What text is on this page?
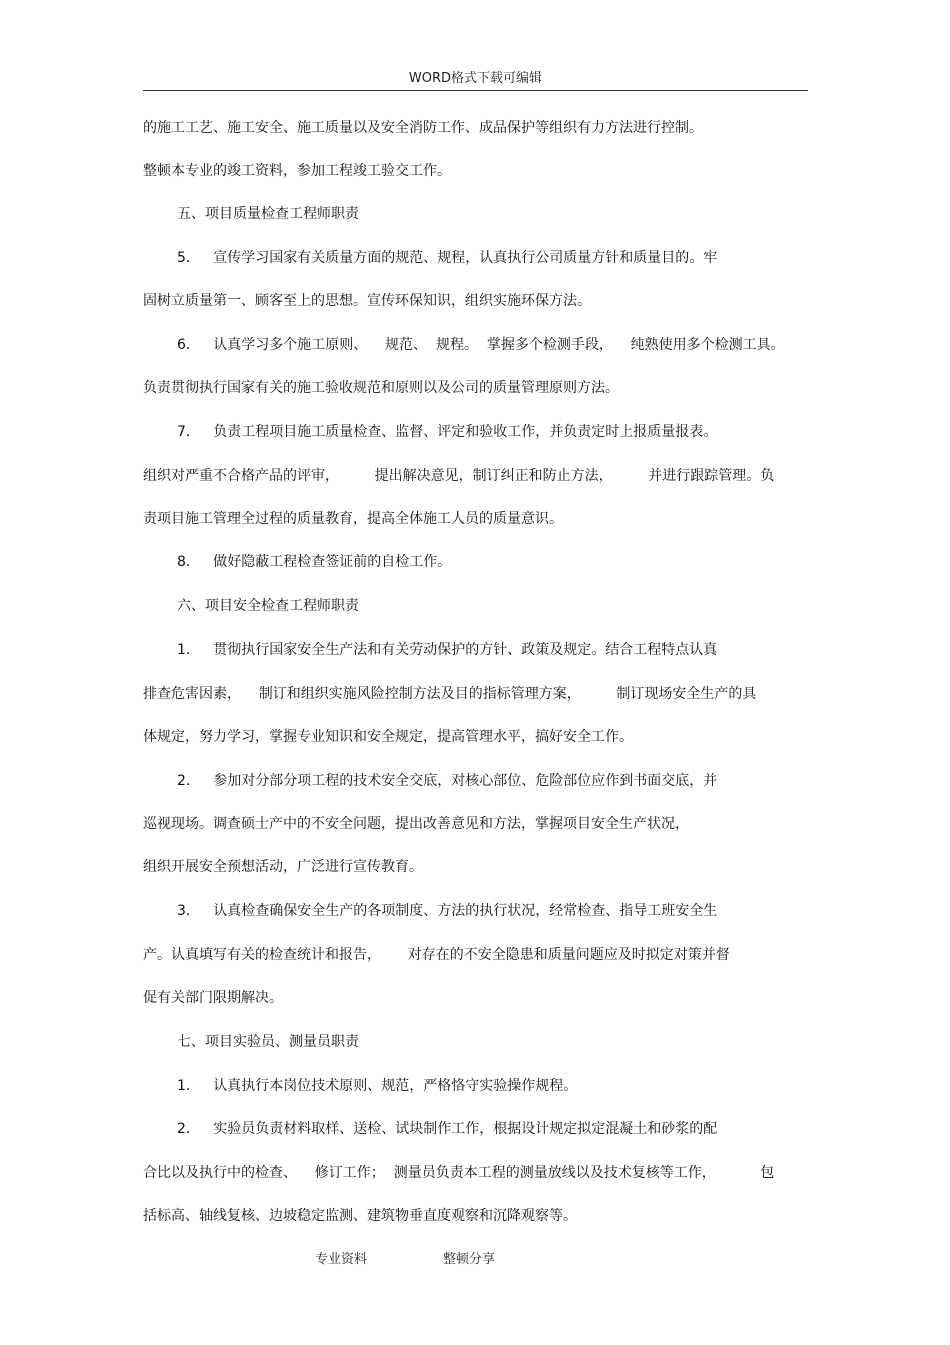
WORD格式下载可编辑
的施工工艺、施工安全、施工质量以及安全消防工作、成品保护等组织有力方法进行控制。
整顿本专业的竣工资料，参加工程竣工验交工作。
五、项目质量检查工程师职责
5．   宣传学习国家有关质量方面的规范、规程，认真执行公司质量方针和质量目的。牢
固树立质量第一、顾客至上的思想。宣传环保知识，组织实施环保方法。
6．   认真学习多个施工原则、    规范、  规程。  掌握多个检测手段，    纯熟使用多个检测工具。
负责贯彻执行国家有关的施工验收规范和原则以及公司的质量管理原则方法。
7．   负责工程项目施工质量检查、监督、评定和验收工作，并负责定时上报质量报表。
组织对严重不合格产品的评审，        提出解决意见，制订纠正和防止方法，        并进行跟踪管理。负
责项目施工管理全过程的质量教育，提高全体施工人员的质量意识。
8．   做好隐蔽工程检查签证前的自检工作。
六、项目安全检查工程师职责
1．   贯彻执行国家安全生产法和有关劳动保护的方针、政策及规定。结合工程特点认真
排查危害因素，    制订和组织实施风险控制方法及目的指标管理方案，        制订现场安全生产的具
体规定，努力学习，掌握专业知识和安全规定，提高管理水平，搞好安全工作。
2．   参加对分部分项工程的技术安全交底，对核心部位、危险部位应作到书面交底，并
巡视现场。调查硕士产中的不安全问题，提出改善意见和方法，掌握项目安全生产状况，
组织开展安全预想活动，广泛进行宣传教育。
3．   认真检查确保安全生产的各项制度、方法的执行状况，经常检查、指导工班安全生
产。认真填写有关的检查统计和报告，      对存在的不安全隐患和质量问题应及时拟定对策并督
促有关部门限期解决。
七、项目实验员、测量员职责
1．   认真执行本岗位技术原则、规范，严格恪守实验操作规程。
2．   实验员负责材料取样、送检、试块制作工作，根据设计规定拟定混凝土和砂浆的配
合比以及执行中的检查、    修订工作；  测量员负责本工程的测量放线以及技术复核等工作，          包
括标高、轴线复核、边坡稳定监测、建筑物垂直度观察和沉降观察等。
专业资料	整顿分享
